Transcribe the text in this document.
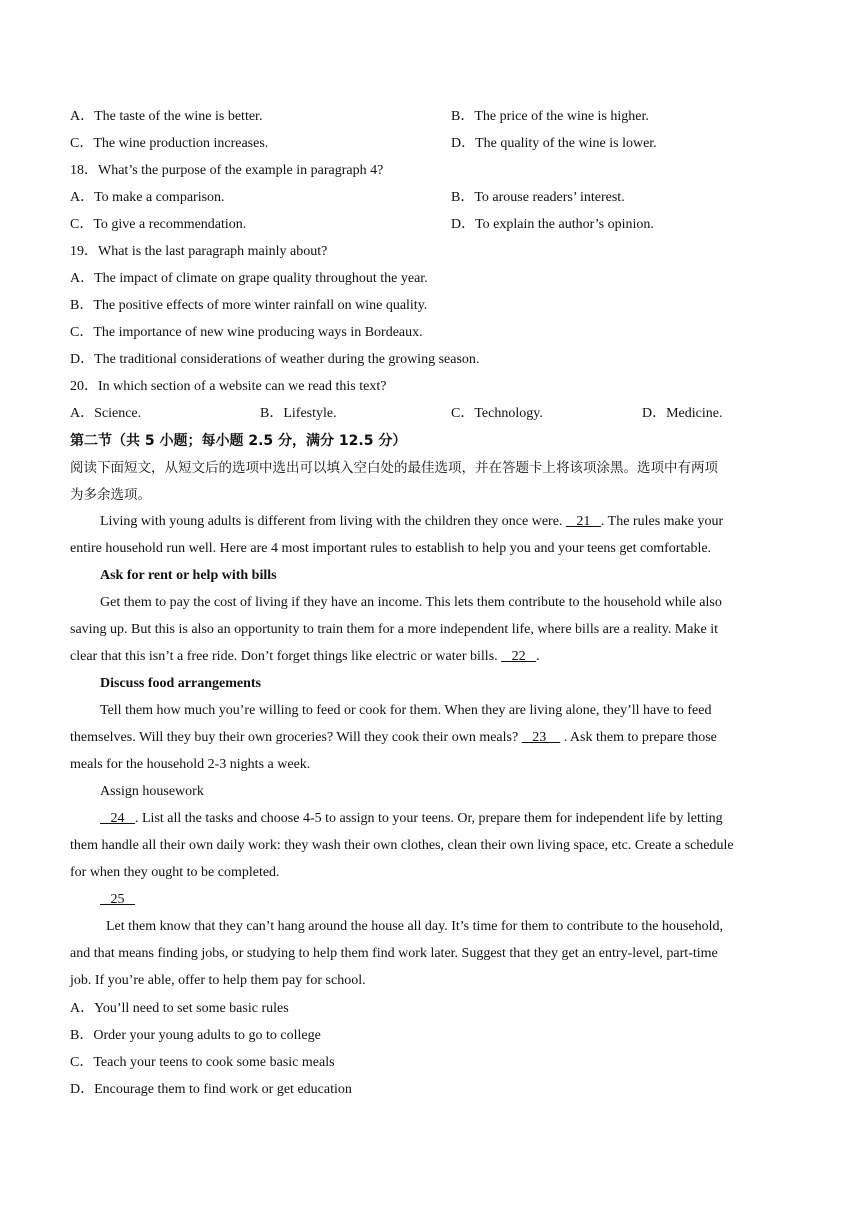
A．The taste of the wine is better.	B．The price of the wine is higher.
C．The wine production increases.	D．The quality of the wine is lower.
18．What’s the purpose of the example in paragraph 4?
A．To make a comparison.	B．To arouse readers’ interest.
C．To give a recommendation.	D．To explain the author’s opinion.
19．What is the last paragraph mainly about?
A．The impact of climate on grape quality throughout the year.
B．The positive effects of more winter rainfall on wine quality.
C．The importance of new wine producing ways in Bordeaux.
D．The traditional considerations of weather during the growing season.
20．In which section of a website can we read this text?
A．Science.	B．Lifestyle.	C．Technology.	D．Medicine.
第二节（共 5 小题；每小题 2.5 分，满分 12.5 分）
阅读下面短文，从短文后的选项中选出可以填入空白处的最佳选项，并在答题卡上将该项涂黑。选项中有两项
为多余选项。
Living with young adults is different from living with the children they once were.    21   . The rules make your
entire household run well. Here are 4 most important rules to establish to help you and your teens get comfortable.
Ask for rent or help with bills
Get them to pay the cost of living if they have an income. This lets them contribute to the household while also
saving up. But this is also an opportunity to train them for a more independent life, where bills are a reality. Make it
clear that this isn’t a free ride. Don’t forget things like electric or water bills.    22   .
Discuss food arrangements
Tell them how much you’re willing to feed or cook for them. When they are living alone, they’ll have to feed
themselves. Will they buy their own groceries? Will they cook their own meals?    23     . Ask them to prepare those
meals for the household 2-3 nights a week.
Assign housework
24   . List all the tasks and choose 4-5 to assign to your teens. Or, prepare them for independent life by letting
them handle all their own daily work: they wash their own clothes, clean their own living space, etc. Create a schedule
for when they ought to be completed.
25
Let them know that they can’t hang around the house all day. It’s time for them to contribute to the household,
and that means finding jobs, or studying to help them find work later. Suggest that they get an entry-level, part-time
job. If you’re able, offer to help them pay for school.
A．You’ll need to set some basic rules
B．Order your young adults to go to college
C．Teach your teens to cook some basic meals
D．Encourage them to find work or get education
